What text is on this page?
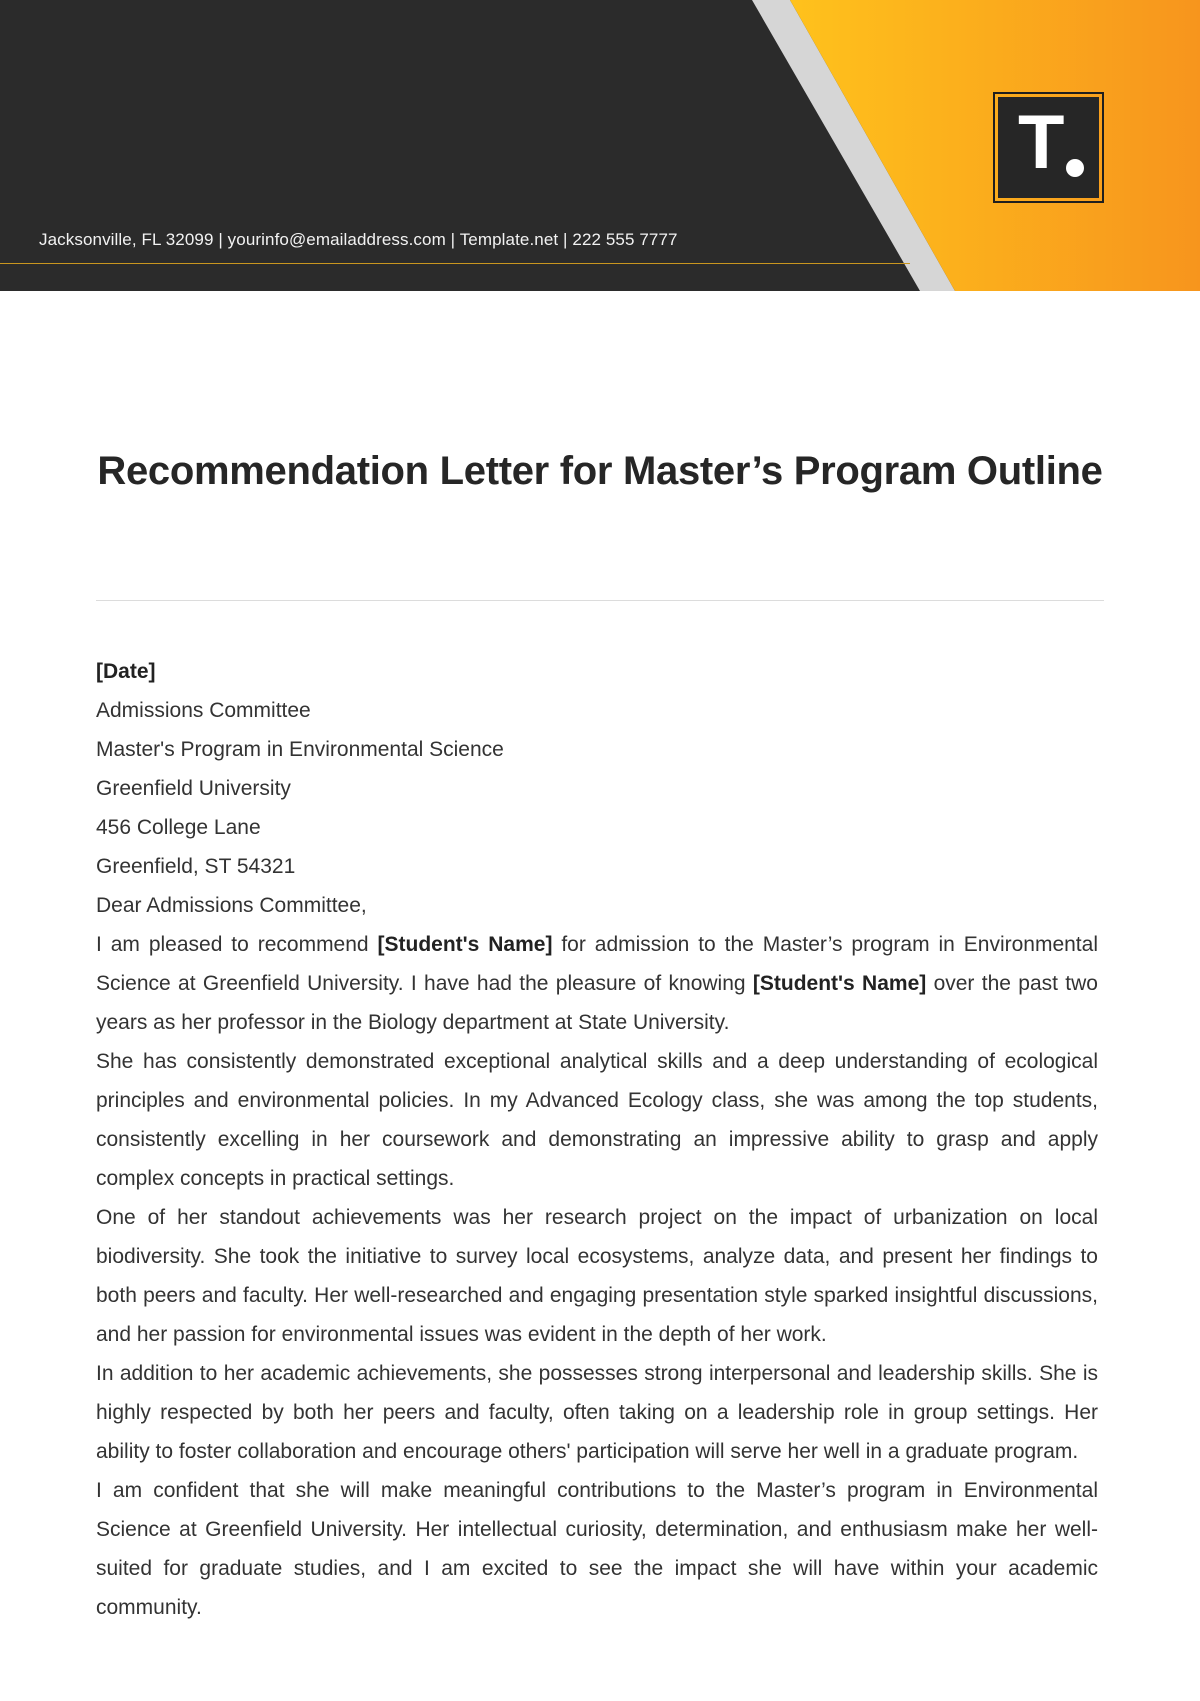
Jacksonville, FL 32099 | yourinfo@emailaddress.com | Template.net | 222 555 7777
T
Recommendation Letter for Master’s Program Outline

[Date]

Admissions Committee

Master's Program in Environmental Science

Greenfield University

456 College Lane

Greenfield, ST 54321

Dear Admissions Committee,

I am pleased to recommend [Student's Name] for admission to the Master’s program in Environmental Science at Greenfield University. I have had the pleasure of knowing [Student's Name] over the past two years as her professor in the Biology department at State University.

She has consistently demonstrated exceptional analytical skills and a deep understanding of ecological principles and environmental policies. In my Advanced Ecology class, she was among the top students, consistently excelling in her coursework and demonstrating an impressive ability to grasp and apply complex concepts in practical settings.

One of her standout achievements was her research project on the impact of urbanization on local biodiversity. She took the initiative to survey local ecosystems, analyze data, and present her findings to both peers and faculty. Her well-researched and engaging presentation style sparked insightful discussions, and her passion for environmental issues was evident in the depth of her work.

In addition to her academic achievements, she possesses strong interpersonal and leadership skills. She is highly respected by both her peers and faculty, often taking on a leadership role in group settings. Her ability to foster collaboration and encourage others' participation will serve her well in a graduate program.

I am confident that she will make meaningful contributions to the Master’s program in Environmental Science at Greenfield University. Her intellectual curiosity, determination, and enthusiasm make her well-suited for graduate studies, and I am excited to see the impact she will have within your academic community.
